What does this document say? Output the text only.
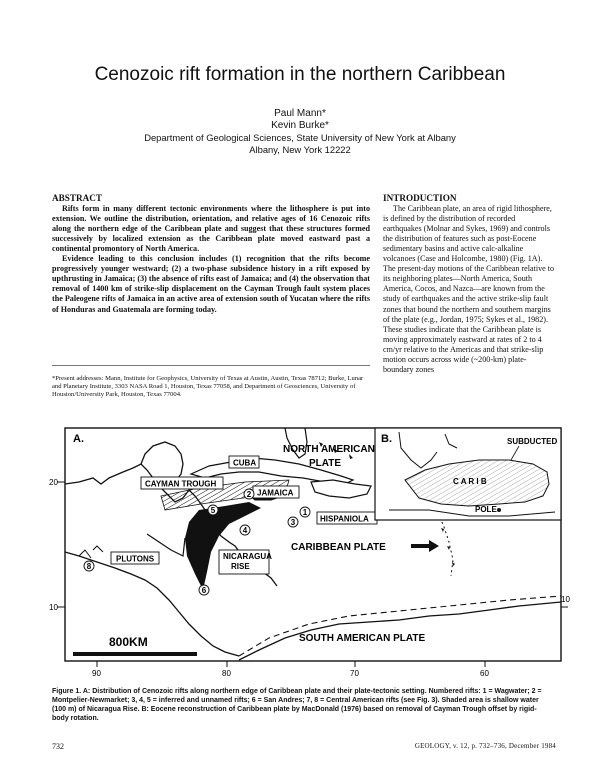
Cenozoic rift formation in the northern Caribbean
Paul Mann*
Kevin Burke*
Department of Geological Sciences, State University of New York at Albany
Albany, New York 12222
ABSTRACT
Rifts form in many different tectonic environments where the lithosphere is put into extension. We outline the distribution, orientation, and relative ages of 16 Cenozoic rifts along the northern edge of the Caribbean plate and suggest that these structures formed successively by localized extension as the Caribbean plate moved eastward past a continental promontory of North America.
Evidence leading to this conclusion includes (1) recognition that the rifts become progressively younger westward; (2) a two-phase subsidence history in a rift exposed by upthrusting in Jamaica; (3) the absence of rifts east of Jamaica; and (4) the observation that removal of 1400 km of strike-slip displacement on the Cayman Trough fault system places the Paleogene rifts of Jamaica in an active area of extension south of Yucatan where the rifts of Honduras and Guatemala are forming today.
*Present addresses: Mann, Institute for Geophysics, University of Texas at Austin, Austin, Texas 78712; Burke, Lunar and Planetary Institute, 3303 NASA Road 1, Houston, Texas 77058, and Department of Geosciences, University of Houston/University Park, Houston, Texas 77004.
INTRODUCTION
The Caribbean plate, an area of rigid lithosphere, is defined by the distribution of recorded earthquakes (Molnar and Sykes, 1969) and controls the distribution of features such as post-Eocene sedimentary basins and active calc-alkaline volcanoes (Case and Holcombe, 1980) (Fig. 1A). The present-day motions of the Caribbean relative to its neighboring plates—North America, South America, Cocos, and Nazca—are known from the study of earthquakes and the active strike-slip fault zones that bound the northern and southern margins of the plate (e.g., Jordan, 1975; Sykes et al., 1982). These studies indicate that the Caribbean plate is moving approximately eastward at rates of 2 to 4 cm/yr relative to the Americas and that strike-slip motion occurs across wide (~200-km) plate-boundary zones
A.
CUBA
CAYMAN TROUGH
JAMAICA
HISPANIOLA
NICARAGUA
RISE
PLUTONS
1
2
3
4
5
6
8
NORTH AMERICAN
PLATE
CARIBBEAN PLATE
SOUTH AMERICAN PLATE
800KM
20
10
10
90	80	70	60
B.
C A R I B
SUBDUCTED
POLE
Figure 1. A: Distribution of Cenozoic rifts along northern edge of Caribbean plate and their plate-tectonic setting. Numbered rifts: 1 = Wagwater; 2 = Montpelier-Newmarket; 3, 4, 5 = inferred and unnamed rifts; 6 = San Andres; 7, 8 = Central American rifts (see Fig. 3). Shaded area is shallow water (100 m) of Nicaragua Rise. B: Eocene reconstruction of Caribbean plate by MacDonald (1976) based on removal of Cayman Trough offset by rigid-body rotation.
732	GEOLOGY, v. 12, p. 732–736, December 1984
